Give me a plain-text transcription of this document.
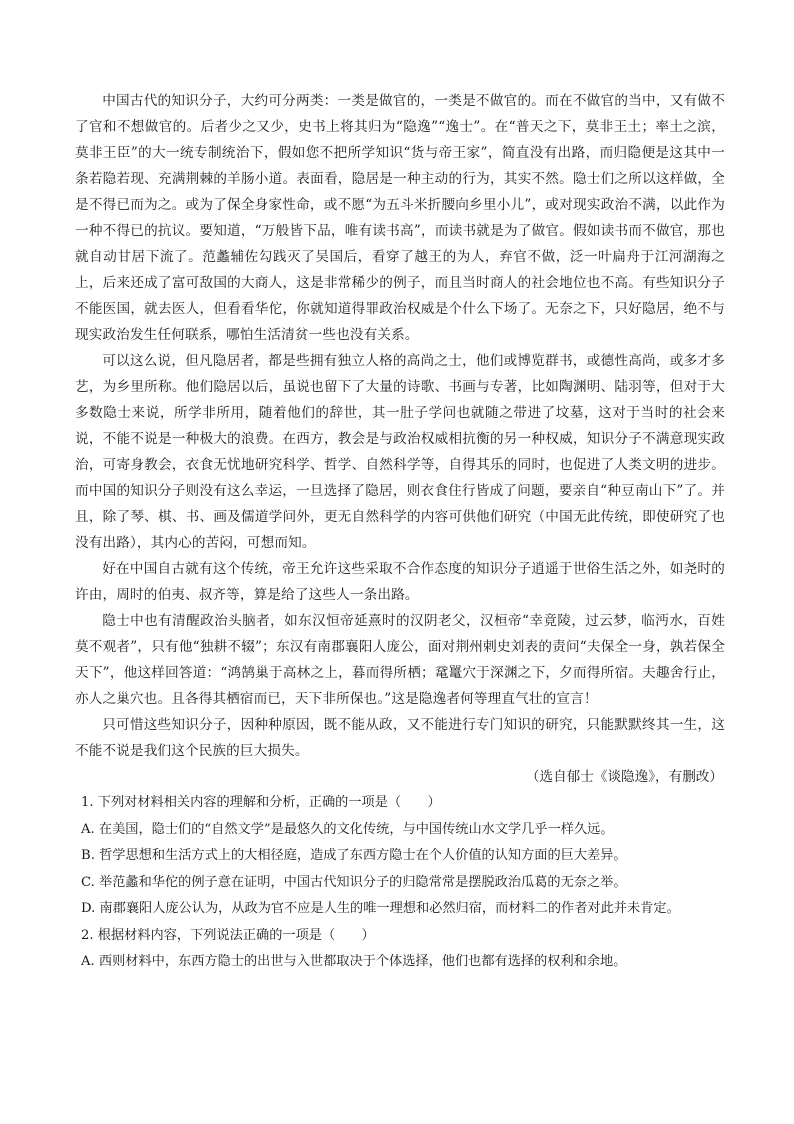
中国古代的知识分子，大约可分两类：一类是做官的，一类是不做官的。而在不做官的当中，又有做不了官和不想做官的。后者少之又少，史书上将其归为“隐逸”“逸士”。在“普天之下，莫非王土；率土之滨，莫非王臣”的大一统专制统治下，假如您不把所学知识“货与帝王家”，简直没有出路，而归隐便是这其中一条若隐若现、充满荆棘的羊肠小道。表面看，隐居是一种主动的行为，其实不然。隐士们之所以这样做，全是不得已而为之。或为了保全身家性命，或不愿“为五斗米折腰向乡里小儿”，或对现实政治不满，以此作为一种不得已的抗议。要知道，“万般皆下品，唯有读书高”，而读书就是为了做官。假如读书而不做官，那也就自动甘居下流了。范蠡辅佐勾践灭了吴国后，看穿了越王的为人，弃官不做，泛一叶扁舟于江河湖海之上，后来还成了富可敌国的大商人，这是非常稀少的例子，而且当时商人的社会地位也不高。有些知识分子不能医国，就去医人，但看看华佗，你就知道得罪政治权威是个什么下场了。无奈之下，只好隐居，绝不与现实政治发生任何联系，哪怕生活清贫一些也没有关系。

可以这么说，但凡隐居者，都是些拥有独立人格的高尚之士，他们或博览群书，或德性高尚，或多才多艺，为乡里所称。他们隐居以后，虽说也留下了大量的诗歌、书画与专著，比如陶渊明、陆羽等，但对于大多数隐士来说，所学非所用，随着他们的辞世，其一肚子学问也就随之带进了坟墓，这对于当时的社会来说，不能不说是一种极大的浪费。在西方，教会是与政治权威相抗衡的另一种权威，知识分子不满意现实政治，可寄身教会，衣食无忧地研究科学、哲学、自然科学等，自得其乐的同时，也促进了人类文明的进步。而中国的知识分子则没有这么幸运，一旦选择了隐居，则衣食住行皆成了问题，要亲自“种豆南山下”了。并且，除了琴、棋、书、画及儒道学问外，更无自然科学的内容可供他们研究（中国无此传统，即使研究了也没有出路），其内心的苦闷，可想而知。

好在中国自古就有这个传统，帝王允许这些采取不合作态度的知识分子逍遥于世俗生活之外，如尧时的许由，周时的伯夷、叔齐等，算是给了这些人一条出路。

隐士中也有清醒政治头脑者，如东汉恒帝延熹时的汉阴老父，汉桓帝“幸竟陵，过云梦，临沔水，百姓莫不观者”，只有他“独耕不辍”；东汉有南郡襄阳人庞公，面对荆州剌史刘表的责问“夫保全一身，孰若保全天下”，他这样回答道：“鸿鹄巢于高林之上，暮而得所栖；鼋鼍穴于深渊之下，夕而得所宿。夫趣舍行止，亦人之巢穴也。且各得其栖宿而已，天下非所保也。”这是隐逸者何等理直气壮的宣言！

只可惜这些知识分子，因种种原因，既不能从政，又不能进行专门知识的研究，只能默默终其一生，这不能不说是我们这个民族的巨大损失。

（选自郁士《谈隐逸》，有删改）

1. 下列对材料相关内容的理解和分析，正确的一项是（　　）

A. 在美国，隐士们的“自然文学”是最悠久的文化传统，与中国传统山水文学几乎一样久远。

B. 哲学思想和生活方式上的大相径庭，造成了东西方隐士在个人价值的认知方面的巨大差异。

C. 举范蠡和华佗的例子意在证明，中国古代知识分子的归隐常常是摆脱政治瓜葛的无奈之举。

D. 南郡襄阳人庞公认为，从政为官不应是人生的唯一理想和必然归宿，而材料二的作者对此并未肯定。

2. 根据材料内容，下列说法正确的一项是（　　）

A. 西则材料中，东西方隐士的出世与入世都取决于个体选择，他们也都有选择的权利和余地。
